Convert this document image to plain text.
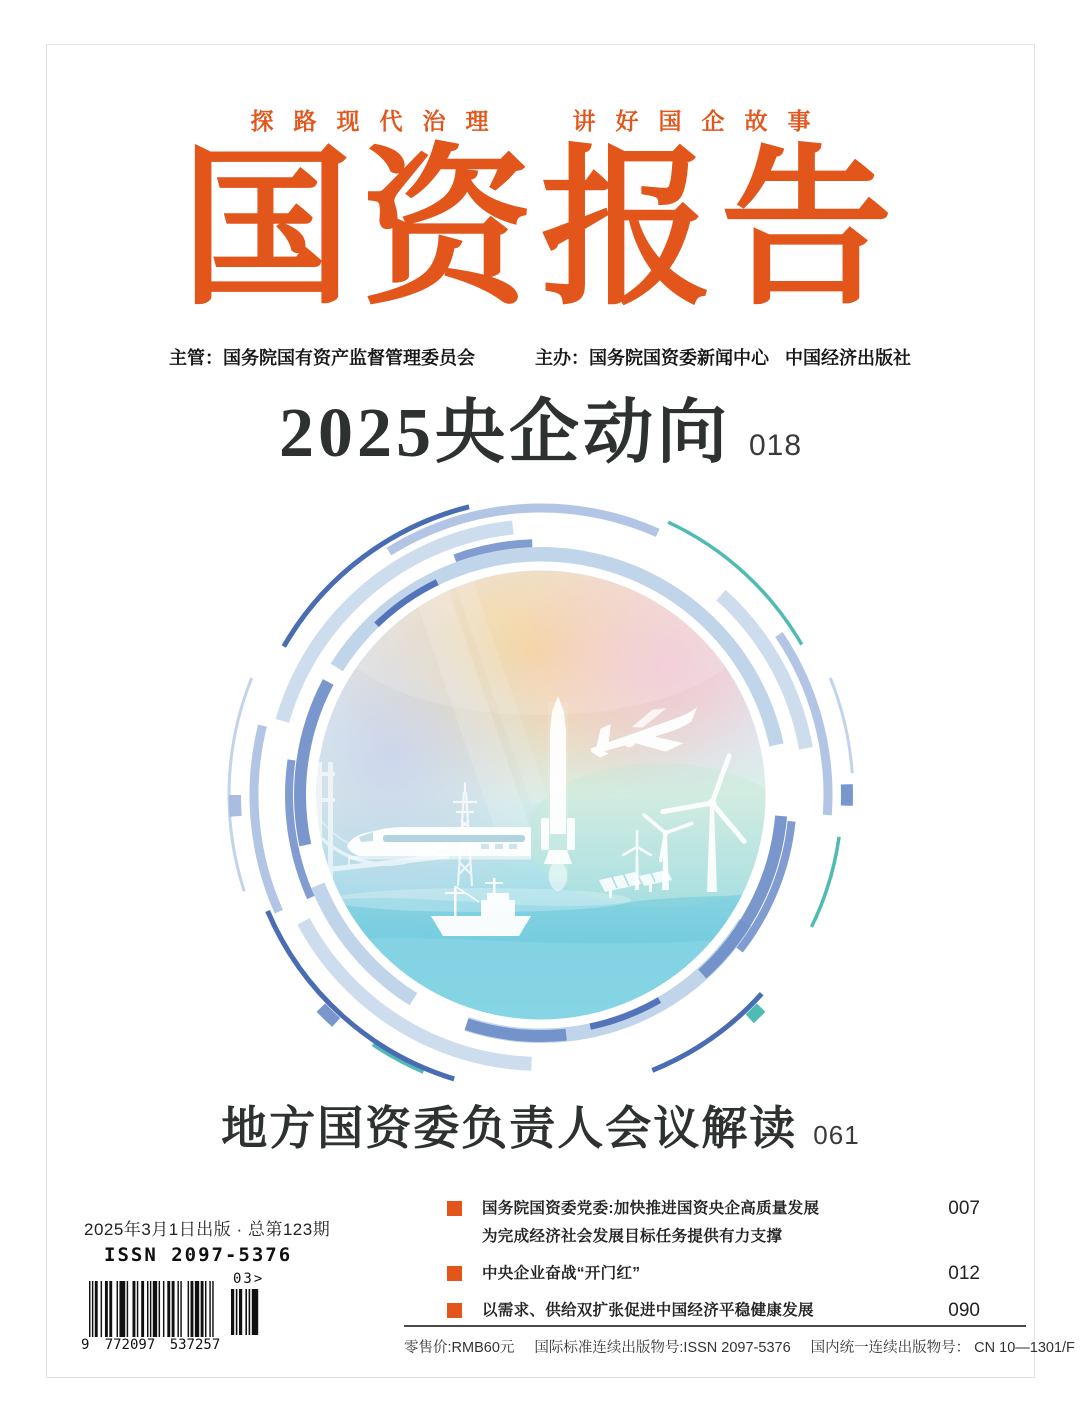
探路现代治理	讲好国企故事
国资报告
主管：国务院国有资产监督管理委员会	主办：国务院国资委新闻中心 中国经济出版社
2025央企动向 018
地方国资委负责人会议解读 061
2025年3月1日出版 · 总第123期
ISSN 2097-5376
9	772097	537257
03>
国务院国资委党委:加快推进国资央企高质量发展
为完成经济社会发展目标任务提供有力支撑
007
中央企业奋战“开门红”	012
以需求、供给双扩张促进中国经济平稳健康发展	090
零售价:RMB60元 国际标准连续出版物号:ISSN 2097-5376 国内统一连续出版物号： CN 10—1301/F
